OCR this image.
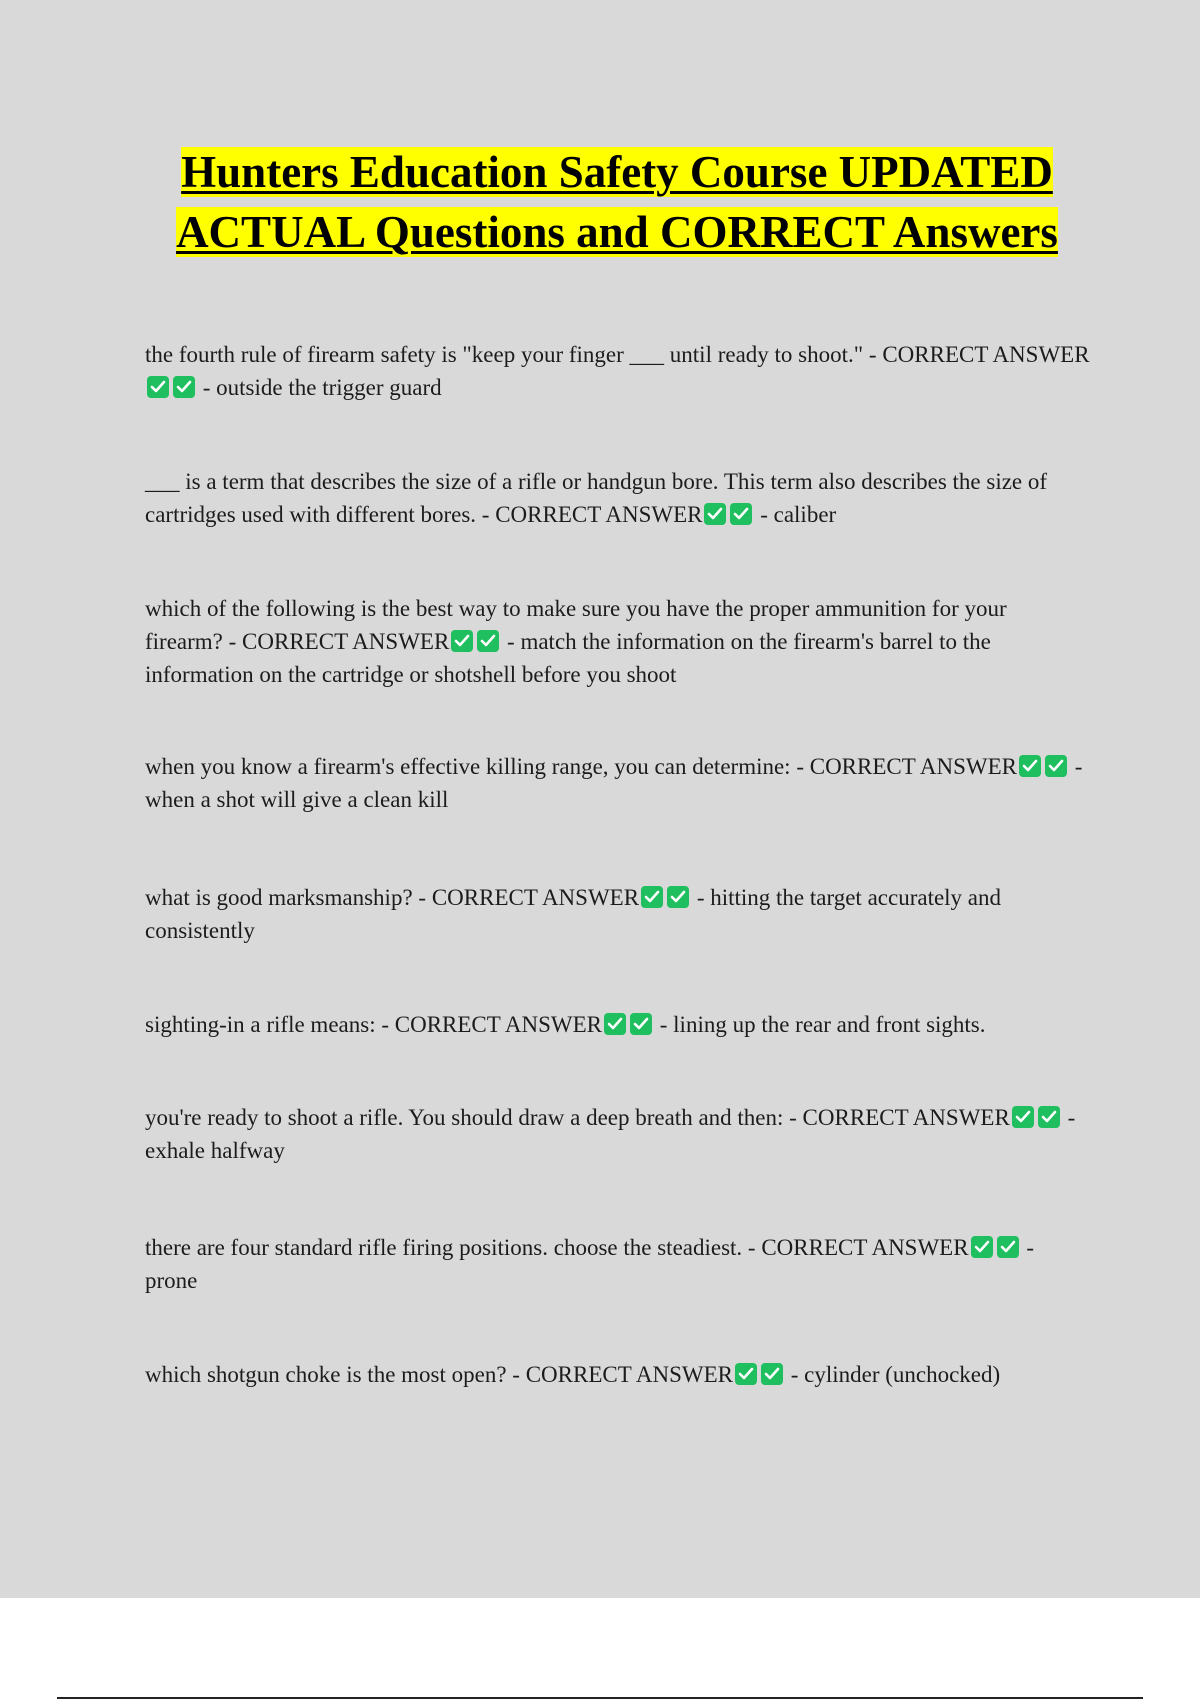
Hunters Education Safety Course UPDATED ACTUAL Questions and CORRECT Answers

the fourth rule of firearm safety is "keep your finger ___ until ready to shoot." - CORRECT ANSWER
- outside the trigger guard

___ is a term that describes the size of a rifle or handgun bore. This term also describes the size of cartridges used with different bores. - CORRECT ANSWER	- caliber

which of the following is the best way to make sure you have the proper ammunition for your firearm? - CORRECT ANSWER	- match the information on the firearm's barrel to the information on the cartridge or shotshell before you shoot

when you know a firearm's effective killing range, you can determine: - CORRECT ANSWER	- when a shot will give a clean kill

what is good marksmanship? - CORRECT ANSWER	- hitting the target accurately and consistently

sighting-in a rifle means: - CORRECT ANSWER	- lining up the rear and front sights.

you're ready to shoot a rifle. You should draw a deep breath and then: - CORRECT ANSWER	- exhale halfway

there are four standard rifle firing positions. choose the steadiest. - CORRECT ANSWER	- prone

which shotgun choke is the most open? - CORRECT ANSWER	- cylinder (unchocked)
